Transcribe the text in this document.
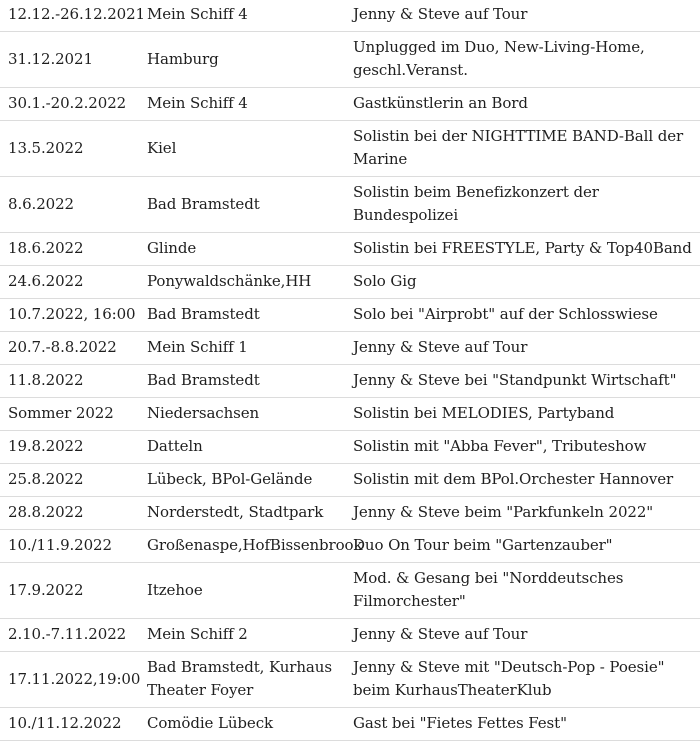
12.12.-26.12.2021	Mein Schiff 4	Jenny & Steve auf Tour
31.12.2021	Hamburg	Unplugged im Duo, New-Living-Home, geschl.Veranst.
30.1.-20.2.2022	Mein Schiff 4	Gastkünstlerin an Bord
13.5.2022	Kiel	Solistin bei der NIGHTTIME BAND-Ball der Marine
8.6.2022	Bad Bramstedt	Solistin beim Benefizkonzert der Bundespolizei
18.6.2022	Glinde	Solistin bei FREESTYLE, Party & Top40Band
24.6.2022	Ponywaldschänke,HH	Solo Gig
10.7.2022, 16:00	Bad Bramstedt	Solo bei "Airprobt" auf der Schlosswiese
20.7.-8.8.2022	Mein Schiff 1	Jenny & Steve auf Tour
11.8.2022	Bad Bramstedt	Jenny & Steve bei "Standpunkt Wirtschaft"
Sommer 2022	Niedersachsen	Solistin bei MELODIES, Partyband
19.8.2022	Datteln	Solistin mit "Abba Fever", Tributeshow
25.8.2022	Lübeck, BPol-Gelände	Solistin mit dem BPol.Orchester Hannover
28.8.2022	Norderstedt, Stadtpark	Jenny & Steve beim "Parkfunkeln 2022"
10./11.9.2022	Großenaspe,HofBissenbrook	Duo On Tour beim "Gartenzauber"
17.9.2022	Itzehoe	Mod. & Gesang bei "Norddeutsches Filmorchester"
2.10.-7.11.2022	Mein Schiff 2	Jenny & Steve auf Tour
17.11.2022,19:00	Bad Bramstedt, Kurhaus Theater Foyer	Jenny & Steve mit "Deutsch-Pop - Poesie" beim KurhausTheaterKlub
10./11.12.2022	Comödie Lübeck	Gast bei "Fietes Fettes Fest"
